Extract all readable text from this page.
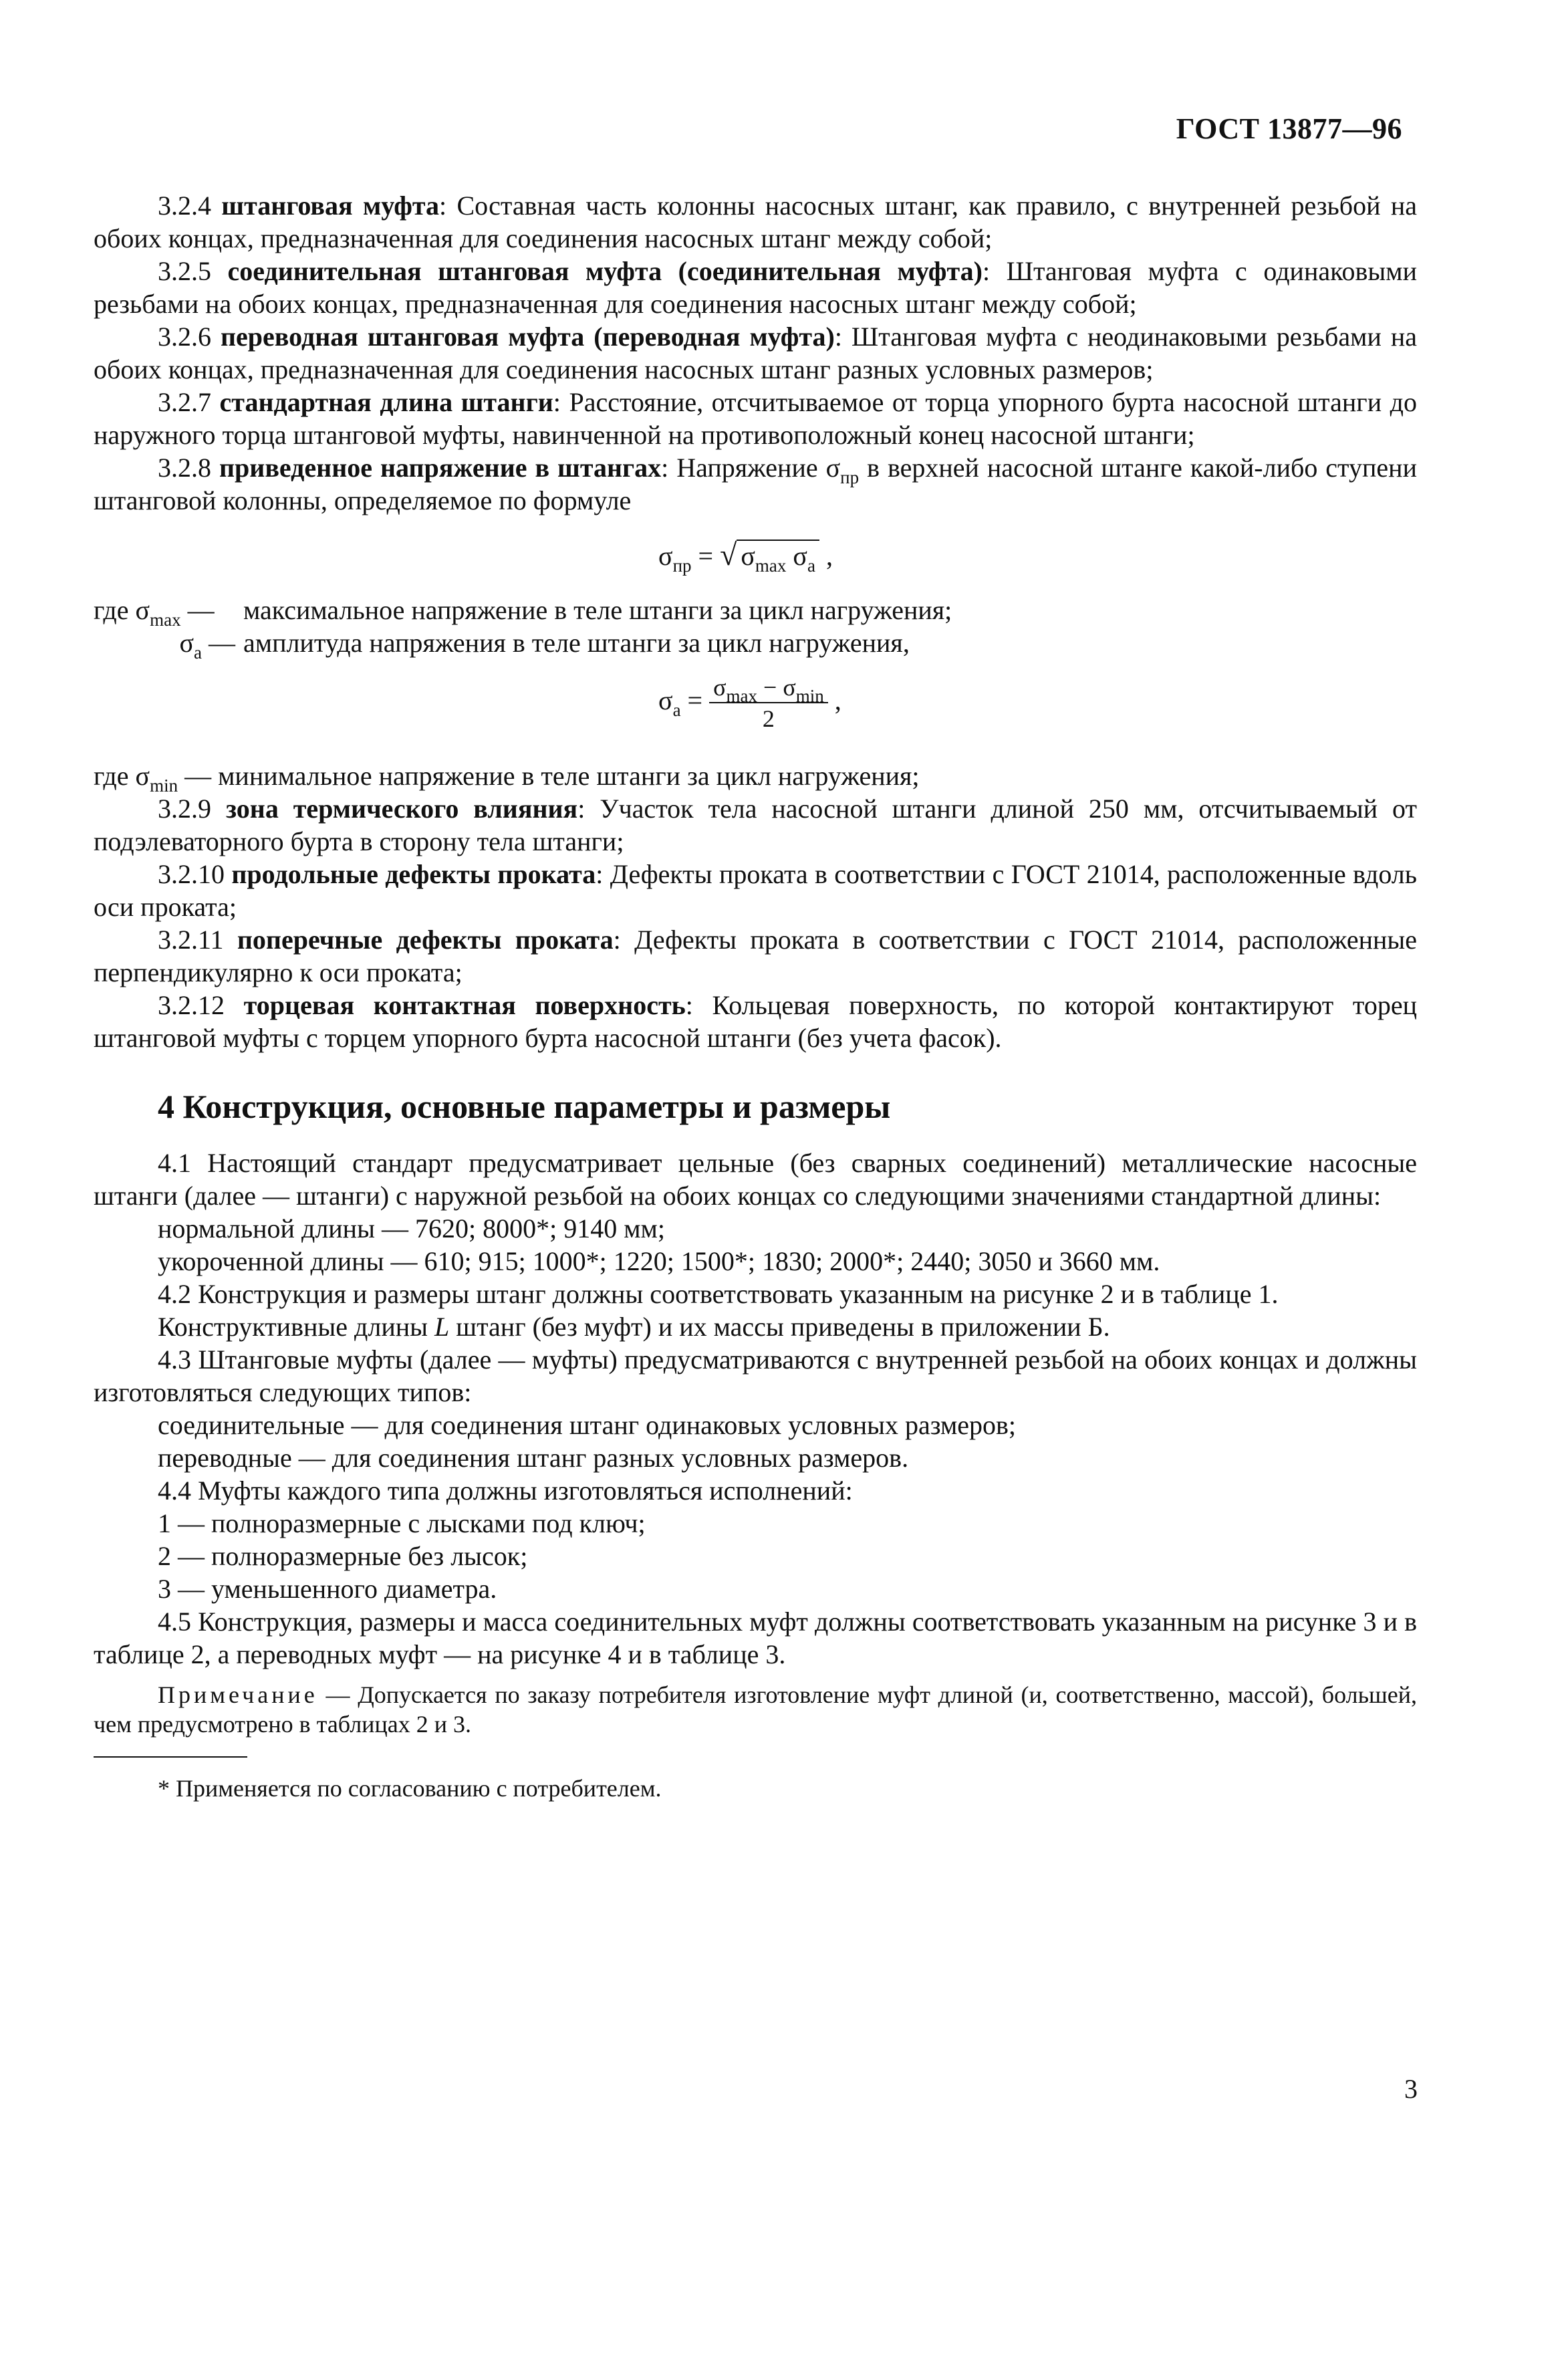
ГОСТ 13877—96

3.2.4 штанговая муфта: Составная часть колонны насосных штанг, как правило, с внутренней резьбой на обоих концах, предназначенная для соединения насосных штанг между собой;

3.2.5 соединительная штанговая муфта (соединительная муфта): Штанговая муфта с одинаковыми резьбами на обоих концах, предназначенная для соединения насосных штанг между собой;

3.2.6 переводная штанговая муфта (переводная муфта): Штанговая муфта с неодинаковыми резьбами на обоих концах, предназначенная для соединения насосных штанг разных условных размеров;

3.2.7 стандартная длина штанги: Расстояние, отсчитываемое от торца упорного бурта насосной штанги до наружного торца штанговой муфты, навинченной на противоположный конец насосной штанги;

3.2.8 приведенное напряжение в штангах: Напряжение $\sigma_{пр}$ в верхней насосной штанге какой-либо ступени штанговой колонны, определяемое по формуле

$\sigma_{пр}$ = √ $\sigma_{max}$ $\sigma_а$ ,
где $\sigma_{max}$ —	максимальное напряжение в теле штанги за цикл нагружения;
$\sigma_а$ — амплитуда напряжения в теле штанги за цикл нагружения,
$\sigma_а = \frac{\sigma_{max} - \sigma_{min}}{2}$ ,

где $\sigma_{min}$ — минимальное напряжение в теле штанги за цикл нагружения;

3.2.9 зона термического влияния: Участок тела насосной штанги длиной 250 мм, отсчитываемый от подэлеваторного бурта в сторону тела штанги;

3.2.10 продольные дефекты проката: Дефекты проката в соответствии с ГОСТ 21014, расположенные вдоль оси проката;

3.2.11 поперечные дефекты проката: Дефекты проката в соответствии с ГОСТ 21014, расположенные перпендикулярно к оси проката;

3.2.12 торцевая контактная поверхность: Кольцевая поверхность, по которой контактируют торец штанговой муфты с торцем упорного бурта насосной штанги (без учета фасок).

4 Конструкция, основные параметры и размеры

4.1 Настоящий стандарт предусматривает цельные (без сварных соединений) металлические насосные штанги (далее — штанги) с наружной резьбой на обоих концах со следующими значениями стандартной длины:

нормальной длины — 7620; 8000*; 9140 мм;

укороченной длины — 610; 915; 1000*; 1220; 1500*; 1830; 2000*; 2440; 3050 и 3660 мм.

4.2 Конструкция и размеры штанг должны соответствовать указанным на рисунке 2 и в таблице 1.

Конструктивные длины L штанг (без муфт) и их массы приведены в приложении Б.

4.3 Штанговые муфты (далее — муфты) предусматриваются с внутренней резьбой на обоих концах и должны изготовляться следующих типов:

соединительные — для соединения штанг одинаковых условных размеров;

переводные — для соединения штанг разных условных размеров.

4.4 Муфты каждого типа должны изготовляться исполнений:

1 — полноразмерные с лысками под ключ;

2 — полноразмерные без лысок;

3 — уменьшенного диаметра.

4.5 Конструкция, размеры и масса соединительных муфт должны соответствовать указанным на рисунке 3 и в таблице 2, а переводных муфт — на рисунке 4 и в таблице 3.

Примечание — Допускается по заказу потребителя изготовление муфт длиной (и, соответственно, массой), большей, чем предусмотрено в таблицах 2 и 3.

* Применяется по согласованию с потребителем.

3
